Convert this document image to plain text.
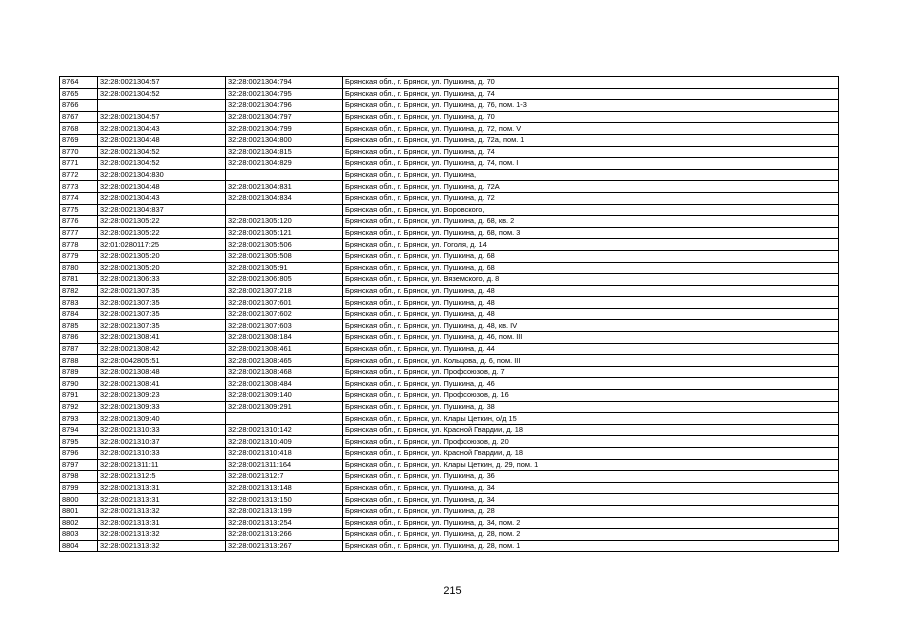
8764	32:28:0021304:57	32:28:0021304:794	Брянская обл., г. Брянск, ул. Пушкина, д. 70
8765	32:28:0021304:52	32:28:0021304:795	Брянская обл., г. Брянск, ул. Пушкина, д. 74
8766		32:28:0021304:796	Брянская обл., г. Брянск, ул. Пушкина, д. 76, пом. 1-3
8767	32:28:0021304:57	32:28:0021304:797	Брянская обл., г. Брянск, ул. Пушкина, д. 70
8768	32:28:0021304:43	32:28:0021304:799	Брянская обл., г. Брянск, ул. Пушкина, д. 72, пом. V
8769	32:28:0021304:48	32:28:0021304:800	Брянская обл., г. Брянск, ул. Пушкина, д. 72а, пом. 1
8770	32:28:0021304:52	32:28:0021304:815	Брянская обл., г. Брянск, ул. Пушкина, д. 74
8771	32:28:0021304:52	32:28:0021304:829	Брянская обл., г. Брянск, ул. Пушкина, д. 74, пом. I
8772	32:28:0021304:830		Брянская обл., г. Брянск, ул. Пушкина,
8773	32:28:0021304:48	32:28:0021304:831	Брянская обл., г. Брянск, ул. Пушкина, д. 72А
8774	32:28:0021304:43	32:28:0021304:834	Брянская обл., г. Брянск, ул. Пушкина, д. 72
8775	32:28:0021304:837		Брянская обл., г. Брянск, ул. Воровского,
8776	32:28:0021305:22	32:28:0021305:120	Брянская обл., г. Брянск, ул. Пушкина, д. 68, кв. 2
8777	32:28:0021305:22	32:28:0021305:121	Брянская обл., г. Брянск, ул. Пушкина, д. 68, пом. 3
8778	32:01:0280117:25	32:28:0021305:506	Брянская обл., г. Брянск, ул. Гоголя, д. 14
8779	32:28:0021305:20	32:28:0021305:508	Брянская обл., г. Брянск, ул. Пушкина, д. 68
8780	32:28:0021305:20	32:28:0021305:91	Брянская обл., г. Брянск, ул. Пушкина, д. 68
8781	32:28:0021306:33	32:28:0021306:805	Брянская обл., г. Брянск, ул. Вяземского, д. 8
8782	32:28:0021307:35	32:28:0021307:218	Брянская обл., г. Брянск, ул. Пушкина, д. 48
8783	32:28:0021307:35	32:28:0021307:601	Брянская обл., г. Брянск, ул. Пушкина, д. 48
8784	32:28:0021307:35	32:28:0021307:602	Брянская обл., г. Брянск, ул. Пушкина, д. 48
8785	32:28:0021307:35	32:28:0021307:603	Брянская обл., г. Брянск, ул. Пушкина, д. 48, кв. IV
8786	32:28:0021308:41	32:28:0021308:184	Брянская обл., г. Брянск, ул. Пушкина, д. 46, пом. III
8787	32:28:0021308:42	32:28:0021308:461	Брянская обл., г. Брянск, ул. Пушкина, д. 44
8788	32:28:0042805:51	32:28:0021308:465	Брянская обл., г. Брянск, ул. Кольцова, д. 6, пом. III
8789	32:28:0021308:48	32:28:0021308:468	Брянская обл., г. Брянск, ул. Профсоюзов, д. 7
8790	32:28:0021308:41	32:28:0021308:484	Брянская обл., г. Брянск, ул. Пушкина, д. 46
8791	32:28:0021309:23	32:28:0021309:140	Брянская обл., г. Брянск, ул. Профсоюзов, д. 16
8792	32:28:0021309:33	32:28:0021309:291	Брянская обл., г. Брянск, ул. Пушкина, д. 38
8793	32:28:0021309:40		Брянская обл., г. Брянск, ул. Клары Цеткин, о/д 15
8794	32:28:0021310:33	32:28:0021310:142	Брянская обл., г. Брянск, ул. Красной Гвардии, д. 18
8795	32:28:0021310:37	32:28:0021310:409	Брянская обл., г. Брянск, ул. Профсоюзов, д. 20
8796	32:28:0021310:33	32:28:0021310:418	Брянская обл., г. Брянск, ул. Красной Гвардии, д. 18
8797	32:28:0021311:11	32:28:0021311:164	Брянская обл., г. Брянск, ул. Клары Цеткин, д. 29, пом. 1
8798	32:28:0021312:5	32:28:0021312:7	Брянская обл., г. Брянск, ул. Пушкина, д. 36
8799	32:28:0021313:31	32:28:0021313:148	Брянская обл., г. Брянск, ул. Пушкина, д. 34
8800	32:28:0021313:31	32:28:0021313:150	Брянская обл., г. Брянск, ул. Пушкина, д. 34
8801	32:28:0021313:32	32:28:0021313:199	Брянская обл., г. Брянск, ул. Пушкина, д. 28
8802	32:28:0021313:31	32:28:0021313:254	Брянская обл., г. Брянск, ул. Пушкина, д. 34, пом. 2
8803	32:28:0021313:32	32:28:0021313:266	Брянская обл., г. Брянск, ул. Пушкина, д. 28, пом. 2
8804	32:28:0021313:32	32:28:0021313:267	Брянская обл., г. Брянск, ул. Пушкина, д. 28, пом. 1
215
